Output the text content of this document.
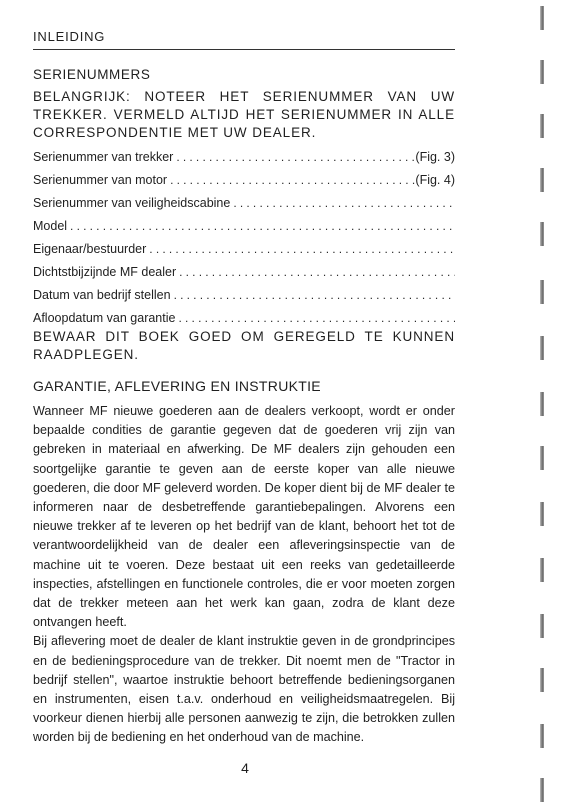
INLEIDING
SERIENUMMERS
BELANGRIJK: NOTEER HET SERIENUMMER VAN UW TREKKER. VERMELD ALTIJD HET SERIENUMMER IN ALLE CORRESPONDENTIE MET UW DEALER.
Serienummer van trekker .....	(Fig. 3)
Serienummer van motor .....	(Fig. 4)
Serienummer van veiligheidscabine
.....
Model
.....
Eigenaar/bestuurder
.....
Dichtstbijzijnde MF dealer
.....
Datum van bedrijf stellen
.....
Afloopdatum van garantie
.....
BEWAAR DIT BOEK GOED OM GEREGELD TE KUNNEN RAADPLEGEN.
GARANTIE, AFLEVERING EN INSTRUKTIE

Wanneer MF nieuwe goederen aan de dealers verkoopt, wordt er onder bepaalde condities de garantie gegeven dat de goederen vrij zijn van gebreken in materiaal en afwerking. De MF dealers zijn gehouden een soortgelijke garantie te geven aan de eerste koper van alle nieuwe goederen, die door MF geleverd worden. De koper dient bij de MF dealer te informeren naar de desbetreffende garantiebepalingen. Alvorens een nieuwe trekker af te leveren op het bedrijf van de klant, behoort het tot de verantwoordelijkheid van de dealer een afleveringsinspectie van de machine uit te voeren. Deze bestaat uit een reeks van gedetailleerde inspecties, afstellingen en functionele controles, die er voor moeten zorgen dat de trekker meteen aan het werk kan gaan, zodra de klant deze ontvangen heeft.

Bij aflevering moet de dealer de klant instruktie geven in de grondprincipes en de bedieningsprocedure van de trekker. Dit noemt men de "Tractor in bedrijf stellen", waartoe instruktie behoort betreffende bedieningsorganen en instrumenten, eisen t.a.v. onderhoud en veiligheidsmaatregelen. Bij voorkeur dienen hierbij alle personen aanwezig te zijn, die betrokken zullen worden bij de bediening en het onderhoud van de machine.

4
